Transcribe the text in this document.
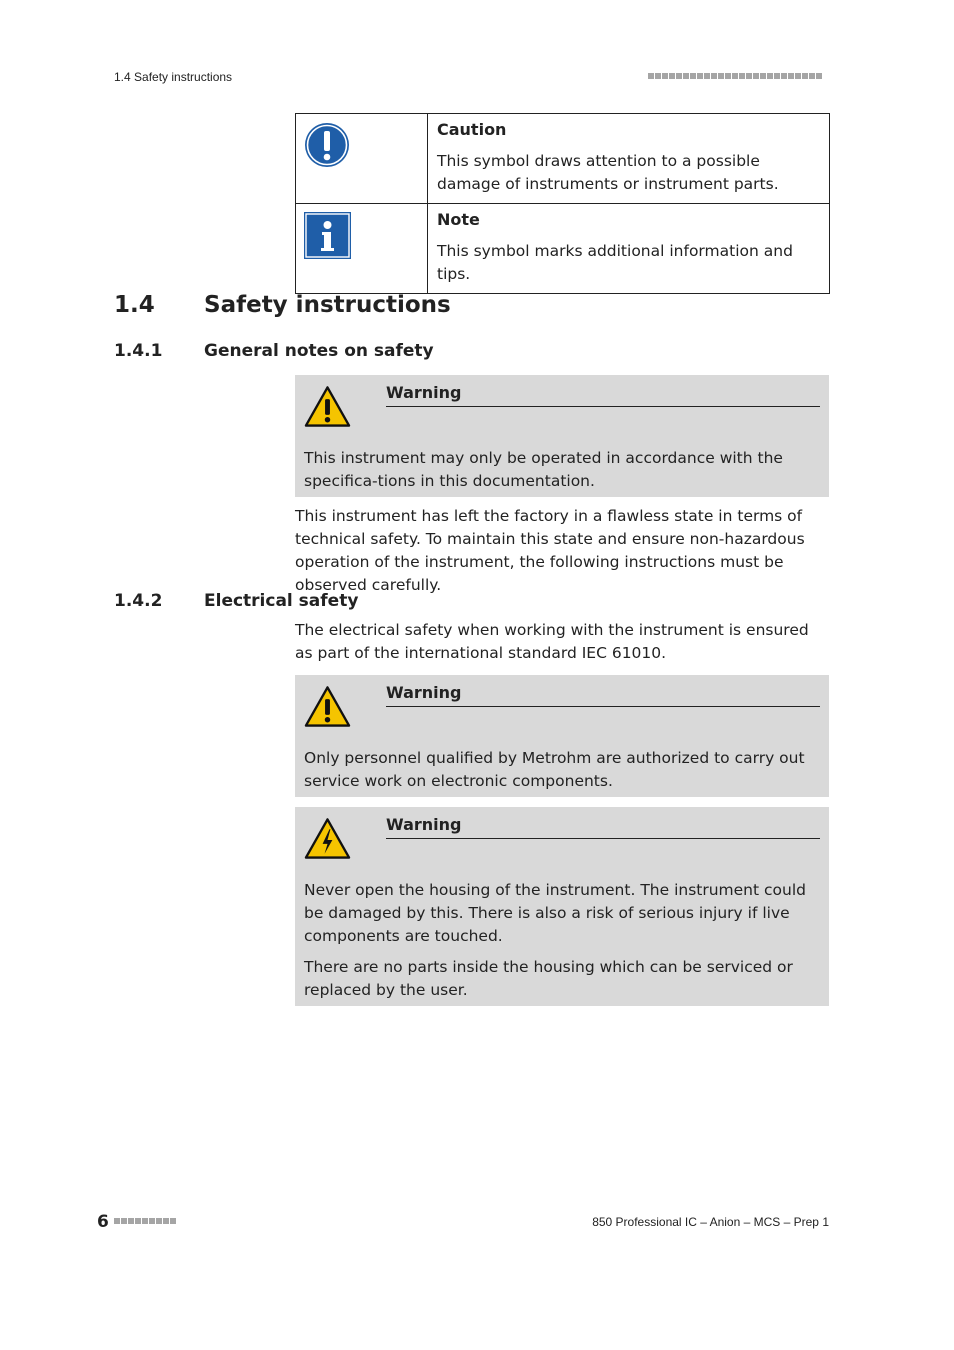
1.4 Safety instructions

Caution
This symbol draws attention to a possible damage of instruments or instrument parts.

Note
This symbol marks additional information and tips.
1.4 Safety instructions
1.4.1 General notes on safety
Warning

This instrument may only be operated in accordance with the specifica-tions in this documentation.

This instrument has left the factory in a flawless state in terms of technical safety. To maintain this state and ensure non-hazardous operation of the instrument, the following instructions must be observed carefully.

1.4.2 Electrical safety

The electrical safety when working with the instrument is ensured as part of the international standard IEC 61010.

Warning

Only personnel qualified by Metrohm are authorized to carry out service work on electronic components.

Warning

Never open the housing of the instrument. The instrument could be damaged by this. There is also a risk of serious injury if live components are touched.

There are no parts inside the housing which can be serviced or replaced by the user.

6	850 Professional IC – Anion – MCS – Prep 1
